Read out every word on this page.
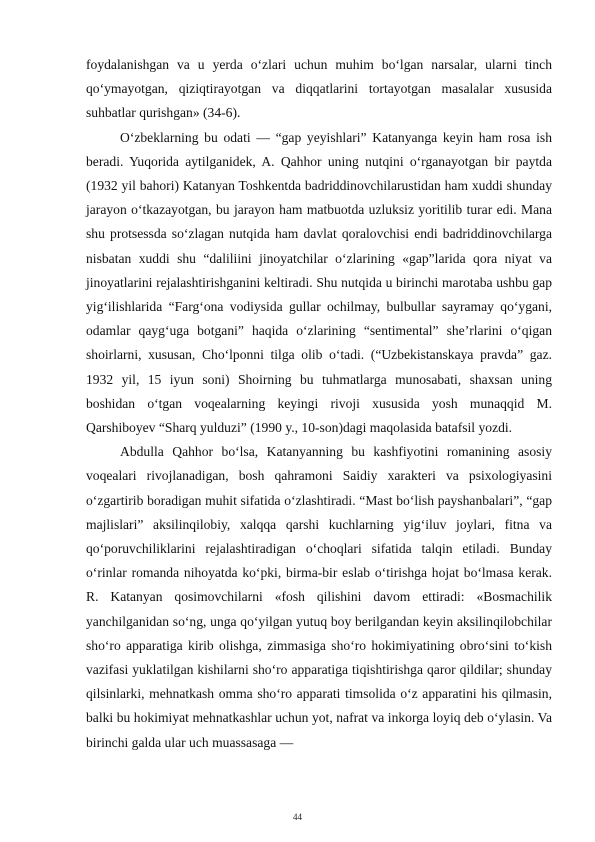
foydalanishgan va u yerda o‘zlari uchun muhim bo‘lgan narsalar, ularni tinch qo‘ymayotgan, qiziqtirayotgan va diqqatlarini tortayotgan masalalar xususida suhbatlar qurishgan» (34-6).

O‘zbeklarning bu odati — “gap yeyishlari” Katanyanga keyin ham rosa ish beradi. Yuqorida aytilganidek, A. Qahhor uning nutqini o‘rganayotgan bir paytda (1932 yil bahori) Katanyan Toshkentda badriddinovchilarustidan ham xuddi shunday jarayon o‘tkazayotgan, bu jarayon ham matbuotda uzluksiz yoritilib turar edi. Mana shu protsessda so‘zlagan nutqida ham davlat qoralovchisi endi badriddinovchilarga nisbatan xuddi shu “daliliini jinoyatchilar o‘zlarining «gap”larida qora niyat va jinoyatlarini rejalashtirishganini keltiradi. Shu nutqida u birinchi marotaba ushbu gap yig‘ilishlarida “Farg‘ona vodiysida gullar ochilmay, bulbullar sayramay qo‘ygani, odamlar qayg‘uga botgani” haqida o‘zlarining “sentimental” she’rlarini o‘qigan shoirlarni, xususan, Cho‘lponni tilga olib o‘tadi. (“Uzbekistanskaya pravda” gaz. 1932 yil, 15 iyun soni) Shoirning bu tuhmatlarga munosabati, shaxsan uning boshidan o‘tgan voqealarning keyingi rivoji xususida yosh munaqqid M. Qarshiboyev “Sharq yulduzi” (1990 y., 10-son)dagi maqolasida batafsil yozdi.

Abdulla Qahhor bo‘lsa, Katanyanning bu kashfiyotini romanining asosiy voqealari rivojlanadigan, bosh qahramoni Saidiy xarakteri va psixologiyasini o‘zgartirib boradigan muhit sifatida o‘zlashtiradi. “Mast bo‘lish payshanbalari”, “gap majlislari” aksilinqilobiy, xalqqa qarshi kuchlarning yig‘iluv joylari, fitna va qo‘poruvchiliklarini rejalashtiradigan o‘choqlari sifatida talqin etiladi. Bunday o‘rinlar romanda nihoyatda ko‘pki, birma-bir eslab o‘tirishga hojat bo‘lmasa kerak. R. Katanyan qosimovchilarni «fosh qilishini davom ettiradi: «Bosmachilik yanchilganidan so‘ng, unga qo‘yilgan yutuq boy berilgandan keyin aksilinqilobchilar sho‘ro apparatiga kirib olishga, zimmasiga sho‘ro hokimiyatining obro‘sini to‘kish vazifasi yuklatilgan kishilarni sho‘ro apparatiga tiqishtirishga qaror qildilar; shunday qilsinlarki, mehnatkash omma sho‘ro apparati timsolida o‘z apparatini his qilmasin, balki bu hokimiyat mehnatkashlar uchun yot, nafrat va inkorga loyiq deb o‘ylasin. Va birinchi galda ular uch muassasaga —

44
